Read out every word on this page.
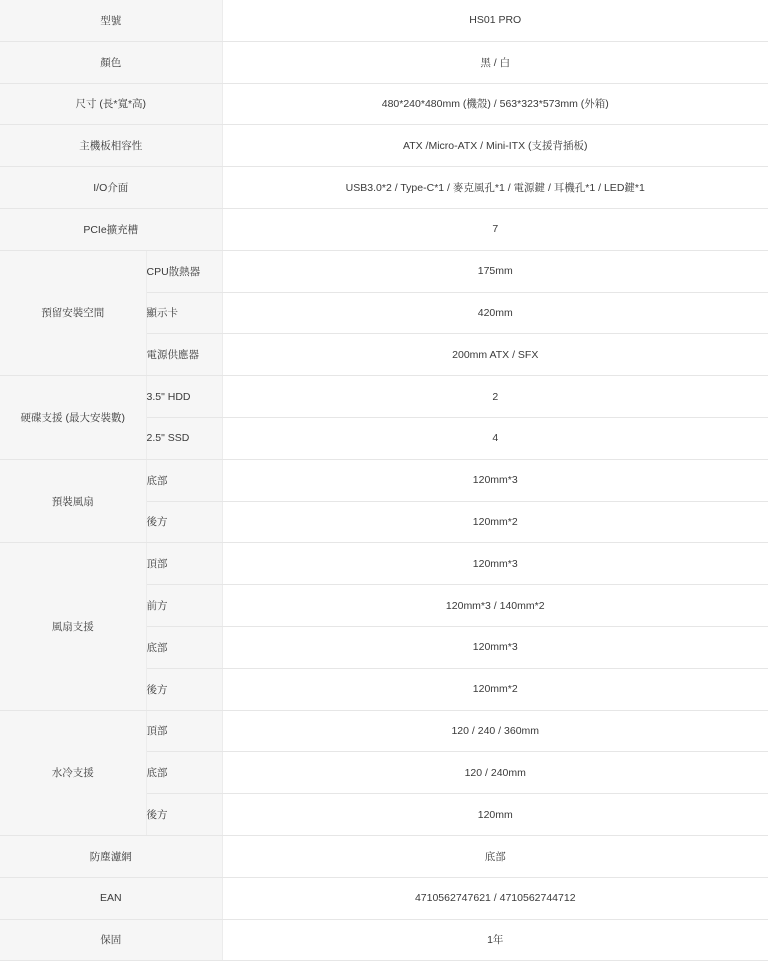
型號		HS01 PRO
顏色		黑 / 白
尺寸 (長*寬*高)		480*240*480mm (機殼) / 563*323*573mm (外箱)
主機板相容性		ATX /Micro-ATX / Mini-ITX (支援背插板)
I/O介面		USB3.0*2 / Type-C*1 / 麥克風孔*1 / 電源鍵 / 耳機孔*1 / LED鍵*1
PCIe擴充槽		7
預留安裝空間	CPU散熱器	175mm
	顯示卡	420mm
	電源供應器	200mm ATX / SFX
硬碟支援 (最大安裝數)	3.5" HDD	2
	2.5" SSD	4
預裝風扇	底部	120mm*3
	後方	120mm*2
風扇支援	頂部	120mm*3
	前方	120mm*3 / 140mm*2
	底部	120mm*3
	後方	120mm*2
水冷支援	頂部	120 / 240 / 360mm
	底部	120 / 240mm
	後方	120mm
防塵濾網		底部
EAN		4710562747621 / 4710562744712
保固		1年
